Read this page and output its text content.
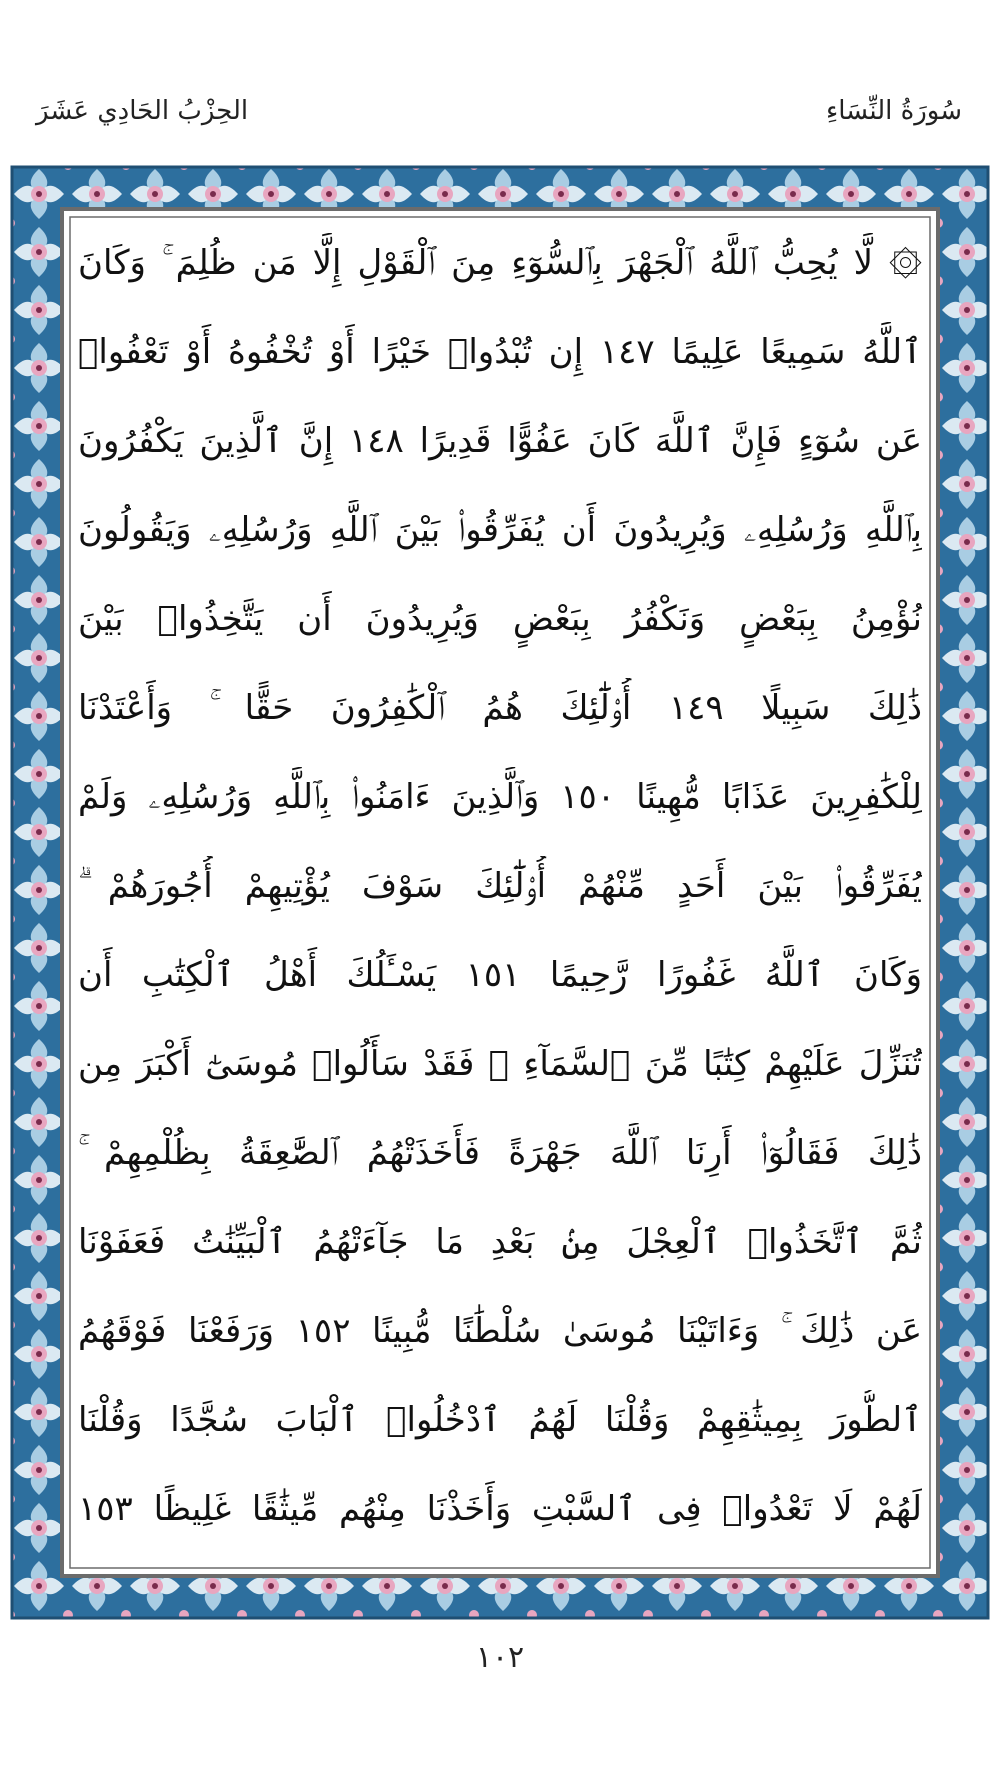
سُورَةُ النِّسَاءِ
الحِزْبُ الحَادِي عَشَرَ
۞ لَّا يُحِبُّ ٱللَّهُ ٱلْجَهْرَ بِٱلسُّوٓءِ مِنَ ٱلْقَوْلِ إِلَّا مَن ظُلِمَ ۚ وَكَانَ
ٱللَّهُ سَمِيعًا عَلِيمًا ١٤٧ إِن تُبْدُوا۟ خَيْرًا أَوْ تُخْفُوهُ أَوْ تَعْفُوا۟
عَن سُوٓءٍ فَإِنَّ ٱللَّهَ كَانَ عَفُوًّا قَدِيرًا ١٤٨ إِنَّ ٱلَّذِينَ يَكْفُرُونَ
بِٱللَّهِ وَرُسُلِهِۦ وَيُرِيدُونَ أَن يُفَرِّقُوا۟ بَيْنَ ٱللَّهِ وَرُسُلِهِۦ وَيَقُولُونَ
نُؤْمِنُ بِبَعْضٍ وَنَكْفُرُ بِبَعْضٍ وَيُرِيدُونَ أَن يَتَّخِذُوا۟ بَيْنَ
ذَٰلِكَ سَبِيلًا ١٤٩ أُو۟لَٰٓئِكَ هُمُ ٱلْكَٰفِرُونَ حَقًّا ۚ وَأَعْتَدْنَا
لِلْكَٰفِرِينَ عَذَابًا مُّهِينًا ١٥٠ وَٱلَّذِينَ ءَامَنُوا۟ بِٱللَّهِ وَرُسُلِهِۦ وَلَمْ
يُفَرِّقُوا۟ بَيْنَ أَحَدٍ مِّنْهُمْ أُو۟لَٰٓئِكَ سَوْفَ يُؤْتِيهِمْ أُجُورَهُمْ ۗ
وَكَانَ ٱللَّهُ غَفُورًا رَّحِيمًا ١٥١ يَسْـَٔلُكَ أَهْلُ ٱلْكِتَٰبِ أَن
تُنَزِّلَ عَلَيْهِمْ كِتَٰبًا مِّنَ ٱلسَّمَآءِ ۚ فَقَدْ سَأَلُوا۟ مُوسَىٰٓ أَكْبَرَ مِن
ذَٰلِكَ فَقَالُوٓا۟ أَرِنَا ٱللَّهَ جَهْرَةً فَأَخَذَتْهُمُ ٱلصَّٰعِقَةُ بِظُلْمِهِمْ ۚ
ثُمَّ ٱتَّخَذُوا۟ ٱلْعِجْلَ مِنۢ بَعْدِ مَا جَآءَتْهُمُ ٱلْبَيِّنَٰتُ فَعَفَوْنَا
عَن ذَٰلِكَ ۚ وَءَاتَيْنَا مُوسَىٰ سُلْطَٰنًا مُّبِينًا ١٥٢ وَرَفَعْنَا فَوْقَهُمُ
ٱلطُّورَ بِمِيثَٰقِهِمْ وَقُلْنَا لَهُمُ ٱدْخُلُوا۟ ٱلْبَابَ سُجَّدًا وَقُلْنَا
لَهُمْ لَا تَعْدُوا۟ فِى ٱلسَّبْتِ وَأَخَذْنَا مِنْهُم مِّيثَٰقًا غَلِيظًا ١٥٣
١٠٢
